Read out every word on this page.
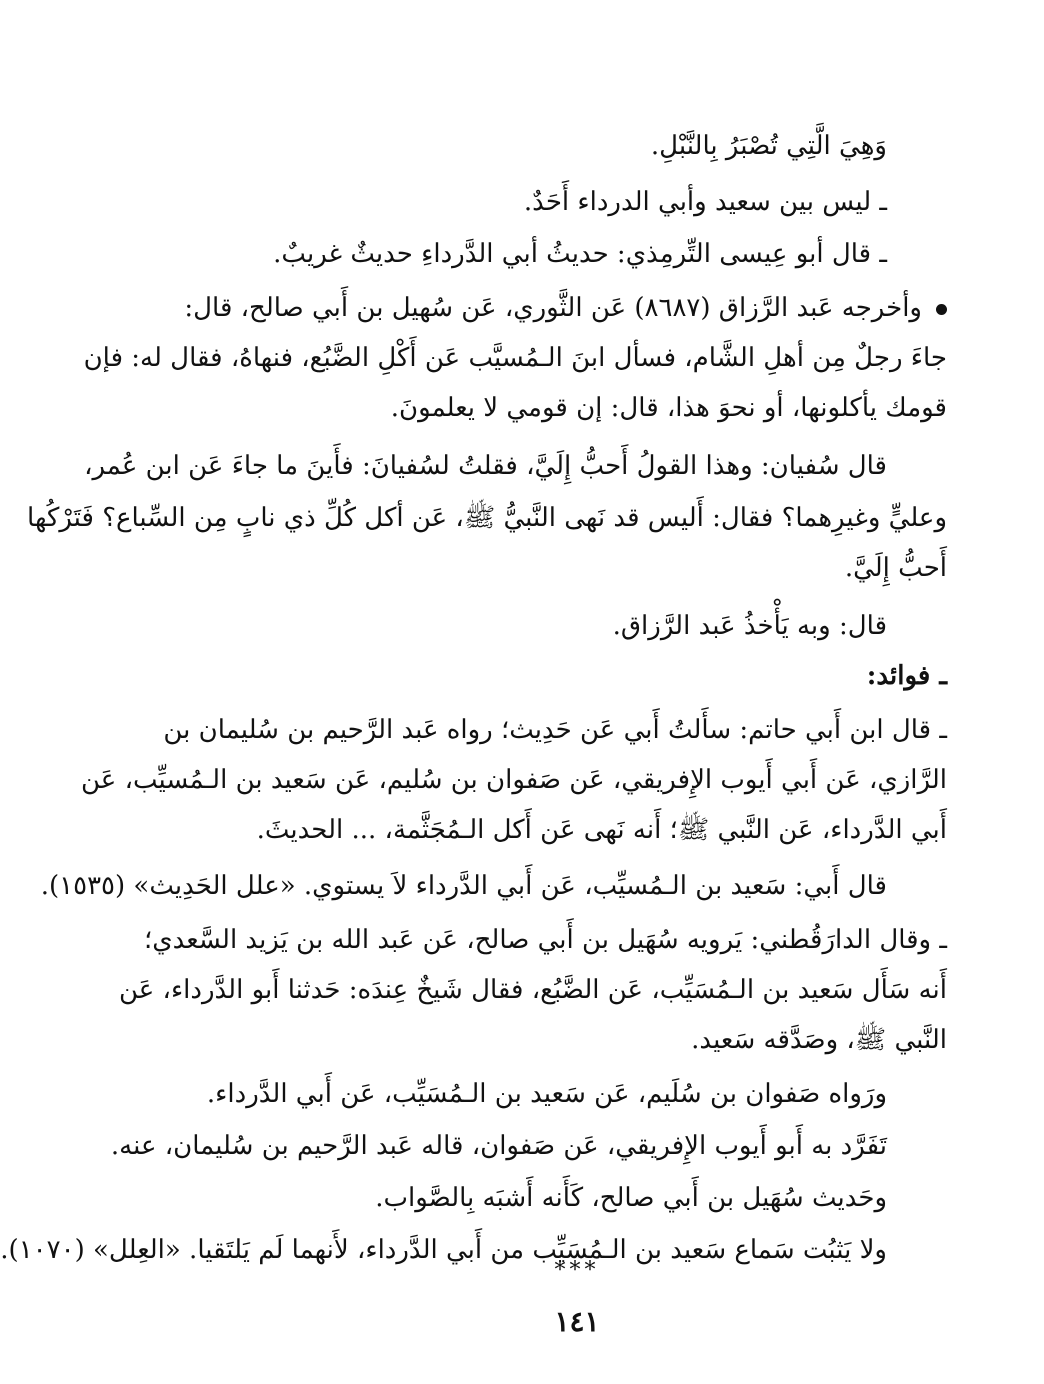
وَهِيَ الَّتِي تُصْبَرُ بِالنَّبْلِ.
ـ ليس بين سعيد وأبي الدرداء أَحَدٌ.
ـ قال أبو عِيسى التِّرمِذي: حديثُ أبي الدَّرداءِ حديثٌ غريبٌ.
وأخرجه عَبد الرَّزاق (٨٦٨٧) عَن الثَّوري، عَن سُهيل بن أَبي صالح، قال:
جاءَ رجلٌ مِن أهلِ الشَّام، فسأل ابنَ الـمُسيَّب عَن أَكْلِ الضَّبُع، فنهاهُ، فقال له: فإن
قومك يأكلونها، أو نحوَ هذا، قال: إن قومي لا يعلمونَ.
قال سُفيان: وهذا القولُ أَحبُّ إِلَيَّ، فقلتُ لسُفيانَ: فأَينَ ما جاءَ عَن ابن عُمر،
وعليٍّ وغيرِهما؟ فقال: أَليس قد نَهى النَّبيُّ ﷺ، عَن أكل كُلِّ ذي نابٍ مِن السِّباع؟ فَتَرْكُها
أَحبُّ إِلَيَّ.
قال: وبه يَأْخذُ عَبد الرَّزاق.
ـ فوائد:
ـ قال ابن أَبي حاتم: سأَلتُ أَبي عَن حَدِيث؛ رواه عَبد الرَّحيم بن سُليمان بن
الرَّازي، عَن أَبي أَيوب الإِفريقي، عَن صَفوان بن سُليم، عَن سَعيد بن الـمُسيِّب، عَن
أَبي الدَّرداء، عَن النَّبي ﷺ؛ أَنه نَهى عَن أَكل الـمُجَثَّمة، ... الحديثَ.
قال أَبي: سَعيد بن الـمُسيِّب، عَن أَبي الدَّرداء لاَ يستوي. «علل الحَدِيث» (١٥٣٥).
ـ وقال الدارَقُطني: يَرويه سُهَيل بن أَبي صالح، عَن عَبد الله بن يَزيد السَّعدي؛
أَنه سَأَل سَعيد بن الـمُسَيِّب، عَن الضَّبُع، فقال شَيخٌ عِندَه: حَدثنا أَبو الدَّرداء، عَن
النَّبي ﷺ، وصَدَّقه سَعيد.
ورَواه صَفوان بن سُلَيم، عَن سَعيد بن الـمُسَيِّب، عَن أَبي الدَّرداء.
تَفَرَّد به أَبو أَيوب الإِفريقي، عَن صَفوان، قاله عَبد الرَّحيم بن سُليمان، عنه.
وحَديث سُهَيل بن أَبي صالح، كَأَنه أَشبَه بِالصَّواب.
ولا يَثبُت سَماع سَعيد بن الـمُسَيِّب من أَبي الدَّرداء، لأَنهما لَم يَلتَقيا. «العِلل» (١٠٧٠).
***
١٤١
